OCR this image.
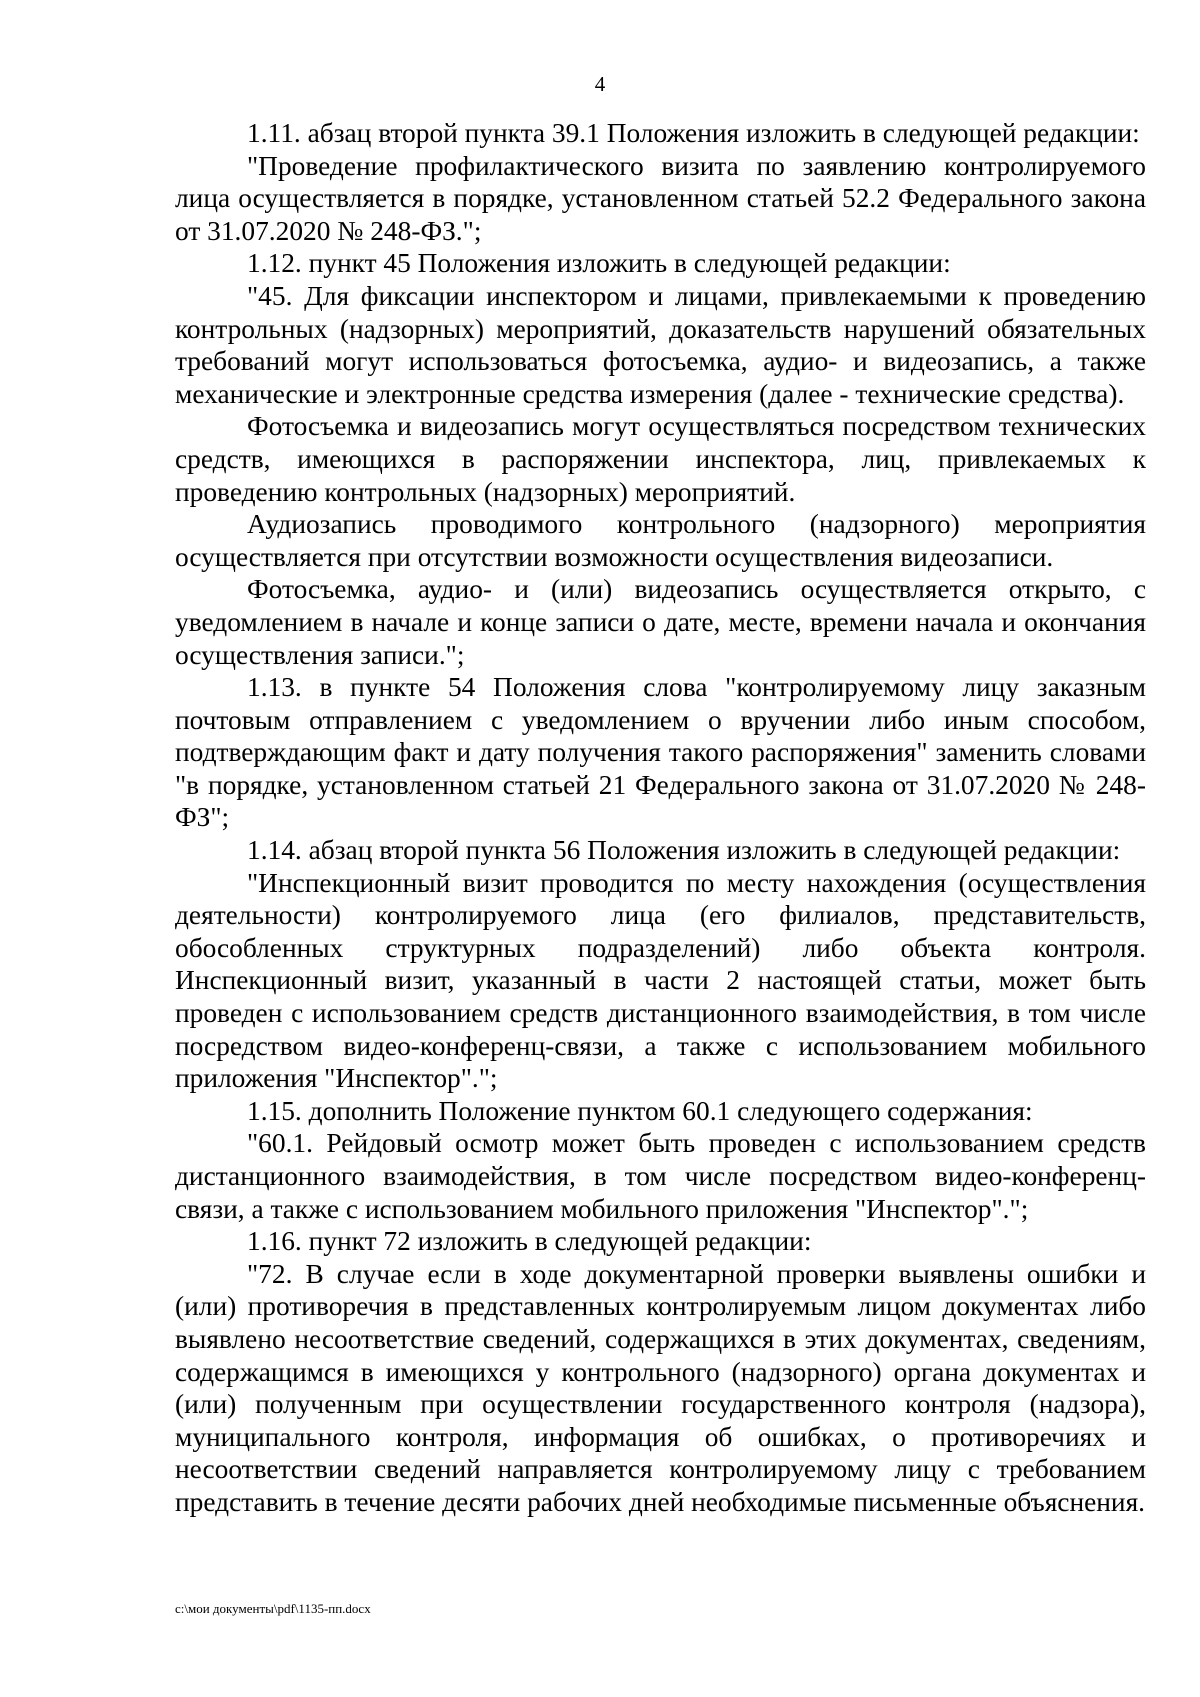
4

1.11. абзац второй пункта 39.1 Положения изложить в следующей редакции:

"Проведение профилактического визита по заявлению контролируемого лица осуществляется в порядке, установленном статьей 52.2 Федерального закона от 31.07.2020 № 248-ФЗ.";

1.12. пункт 45 Положения изложить в следующей редакции:

"45. Для фиксации инспектором и лицами, привлекаемыми к проведению контрольных (надзорных) мероприятий, доказательств нарушений обязательных требований могут использоваться фотосъемка, аудио- и видеозапись, а также механические и электронные средства измерения (далее - технические средства).

Фотосъемка и видеозапись могут осуществляться посредством технических средств, имеющихся в распоряжении инспектора, лиц, привлекаемых к проведению контрольных (надзорных) мероприятий.

Аудиозапись проводимого контрольного (надзорного) мероприятия осуществляется при отсутствии возможности осуществления видеозаписи.

Фотосъемка, аудио- и (или) видеозапись осуществляется открыто, с уведомлением в начале и конце записи о дате, месте, времени начала и окончания осуществления записи.";

1.13. в пункте 54 Положения слова "контролируемому лицу заказным почтовым отправлением с уведомлением о вручении либо иным способом, подтверждающим факт и дату получения такого распоряжения" заменить словами "в порядке, установленном статьей 21 Федерального закона от 31.07.2020 № 248-ФЗ";

1.14. абзац второй пункта 56 Положения изложить в следующей редакции:

"Инспекционный визит проводится по месту нахождения (осуществления деятельности) контролируемого лица (его филиалов, представительств, обособленных структурных подразделений) либо объекта контроля. Инспекционный визит, указанный в части 2 настоящей статьи, может быть проведен с использованием средств дистанционного взаимодействия, в том числе посредством видео-конференц-связи, а также с использованием мобильного приложения "Инспектор".";

1.15. дополнить Положение пунктом 60.1 следующего содержания:

"60.1. Рейдовый осмотр может быть проведен с использованием средств дистанционного взаимодействия, в том числе посредством видео-конференц-связи, а также с использованием мобильного приложения "Инспектор".";

1.16. пункт 72 изложить в следующей редакции:

"72. В случае если в ходе документарной проверки выявлены ошибки и (или) противоречия в представленных контролируемым лицом документах либо выявлено несоответствие сведений, содержащихся в этих документах, сведениям, содержащимся в имеющихся у контрольного (надзорного) органа документах и (или) полученным при осуществлении государственного контроля (надзора), муниципального контроля, информация об ошибках, о противоречиях и несоответствии сведений направляется контролируемому лицу с требованием представить в течение десяти рабочих дней необходимые письменные объяснения.

c:\мои документы\pdf\1135-пп.docx
